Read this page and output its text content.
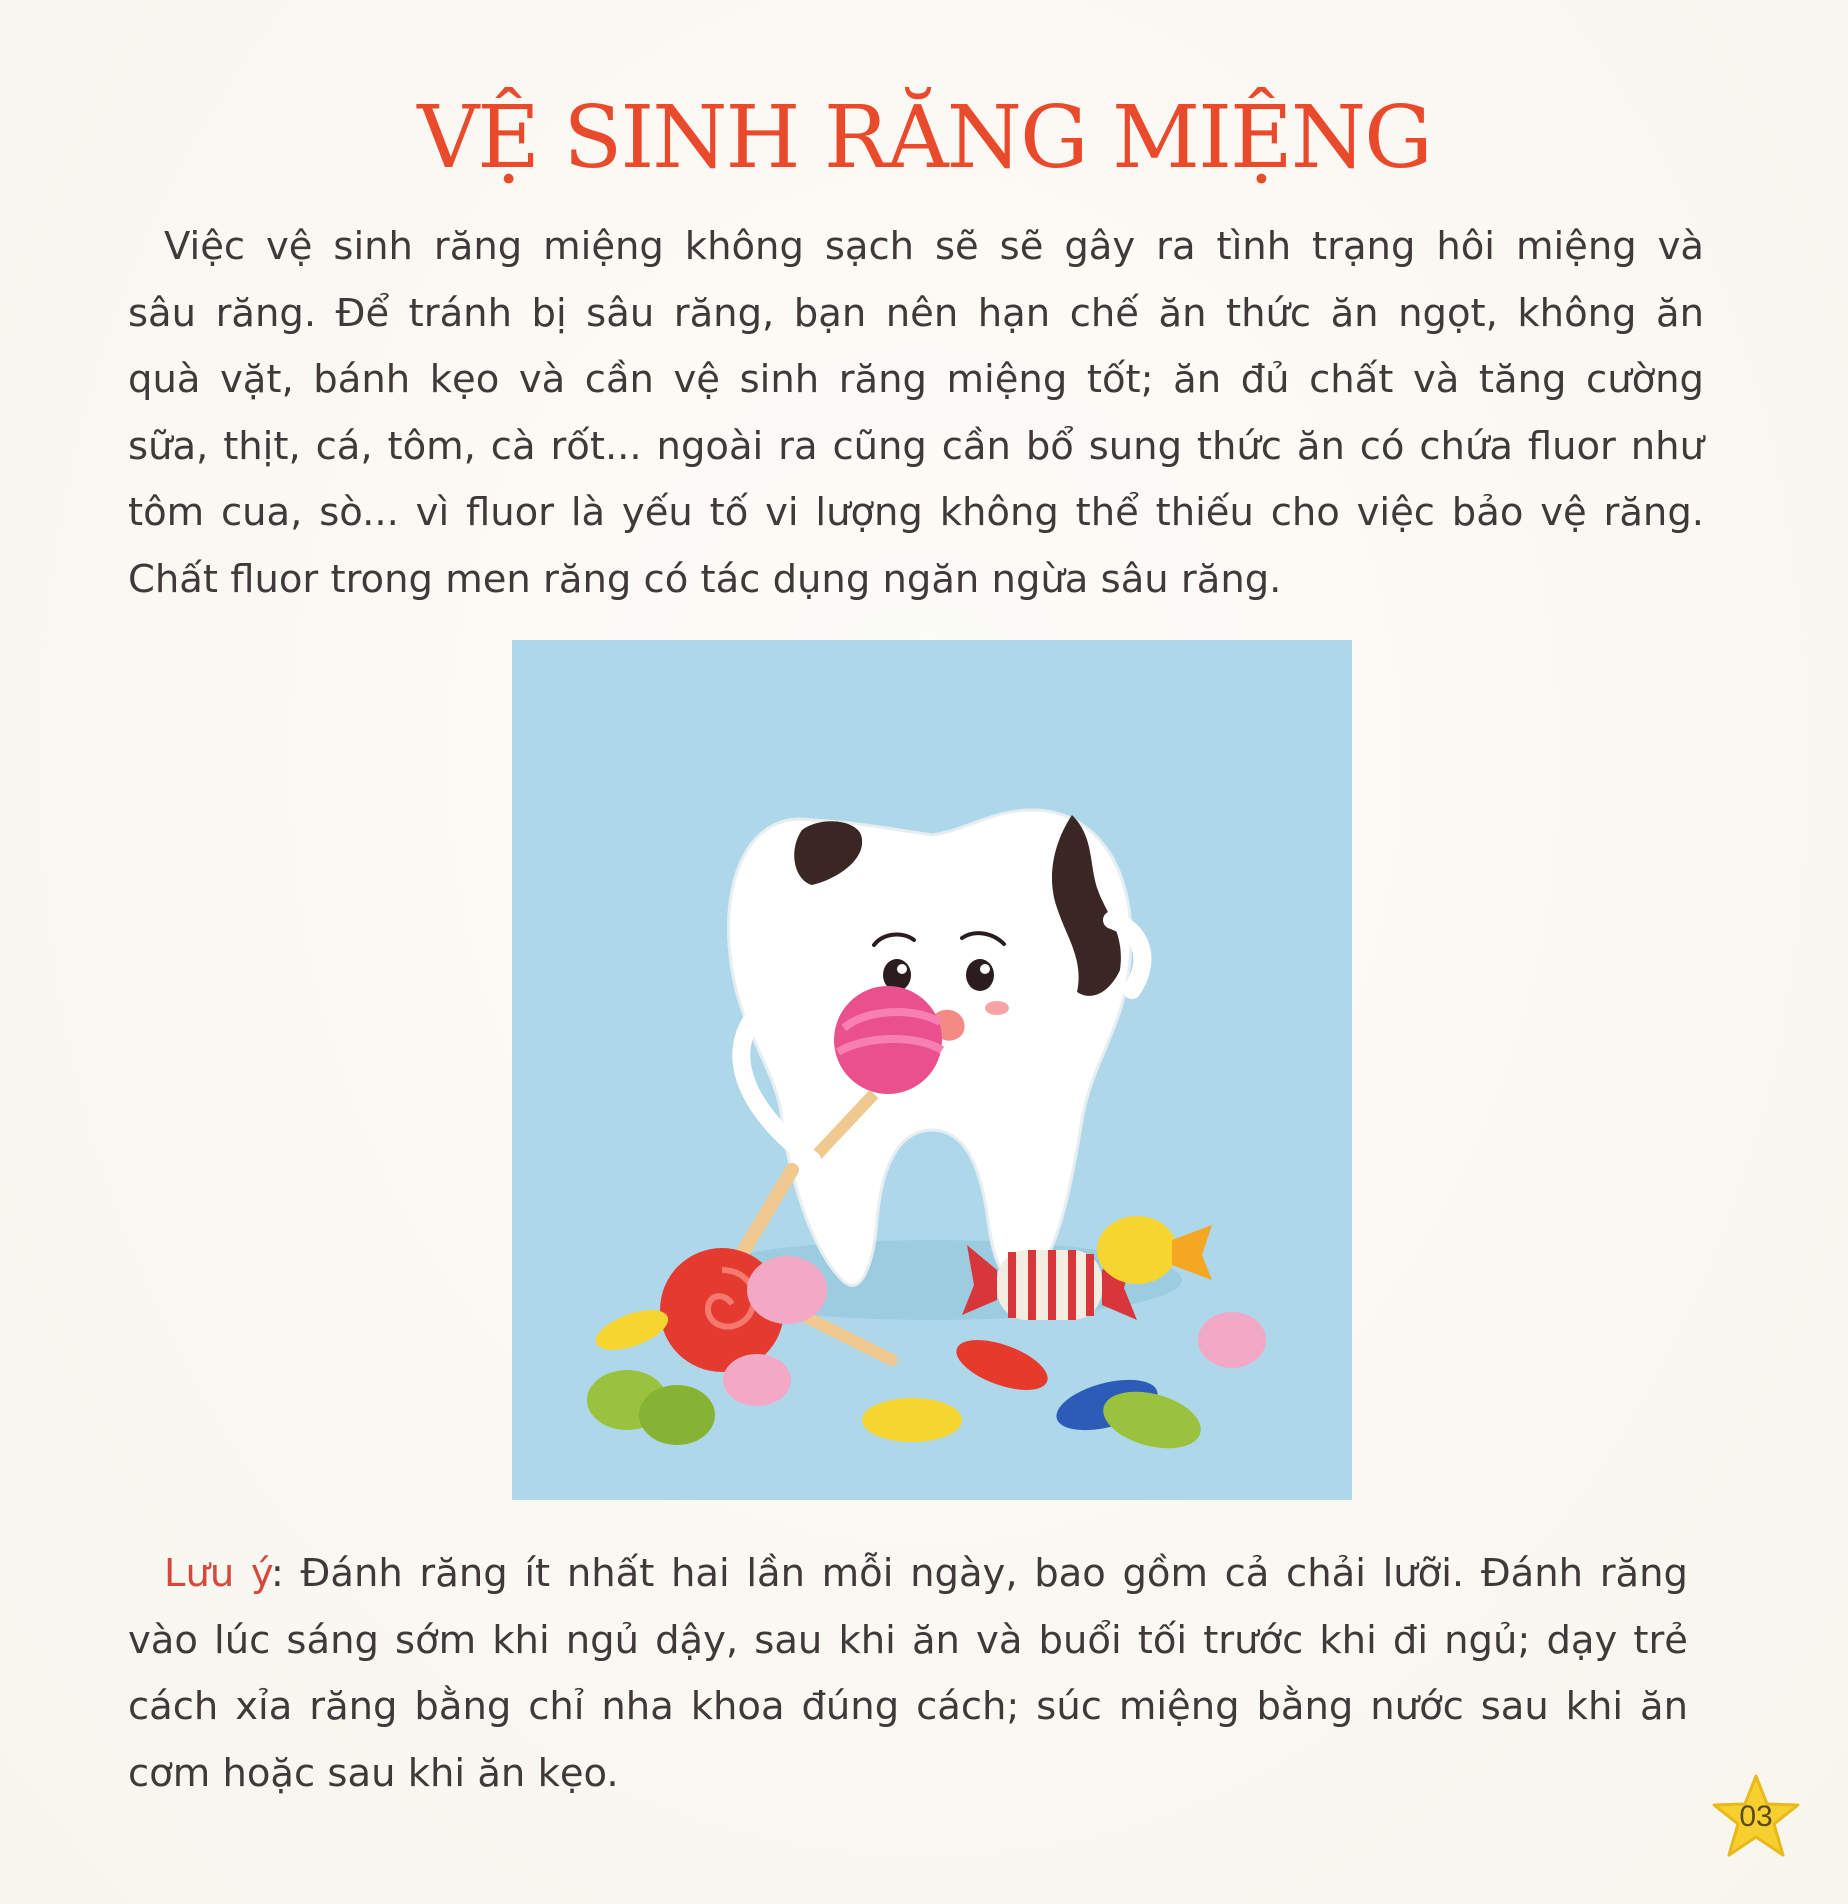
VỆ SINH RĂNG MIỆNG

Việc vệ sinh răng miệng không sạch sẽ sẽ gây ra tình trạng hôi miệng và
sâu răng. Để tránh bị sâu răng, bạn nên hạn chế ăn thức ăn ngọt, không ăn
quà vặt, bánh kẹo và cần vệ sinh răng miệng tốt; ăn đủ chất và tăng cường
sữa, thịt, cá, tôm, cà rốt... ngoài ra cũng cần bổ sung thức ăn có chứa fluor như
tôm cua, sò... vì fluor là yếu tố vi lượng không thể thiếu cho việc bảo vệ răng.
Chất fluor trong men răng có tác dụng ngăn ngừa sâu răng.

Lưu ý: Đánh răng ít nhất hai lần mỗi ngày, bao gồm cả chải lưỡi. Đánh răng
vào lúc sáng sớm khi ngủ dậy, sau khi ăn và buổi tối trước khi đi ngủ; dạy trẻ
cách xỉa răng bằng chỉ nha khoa đúng cách; súc miệng bằng nước sau khi ăn
cơm hoặc sau khi ăn kẹo.

03
